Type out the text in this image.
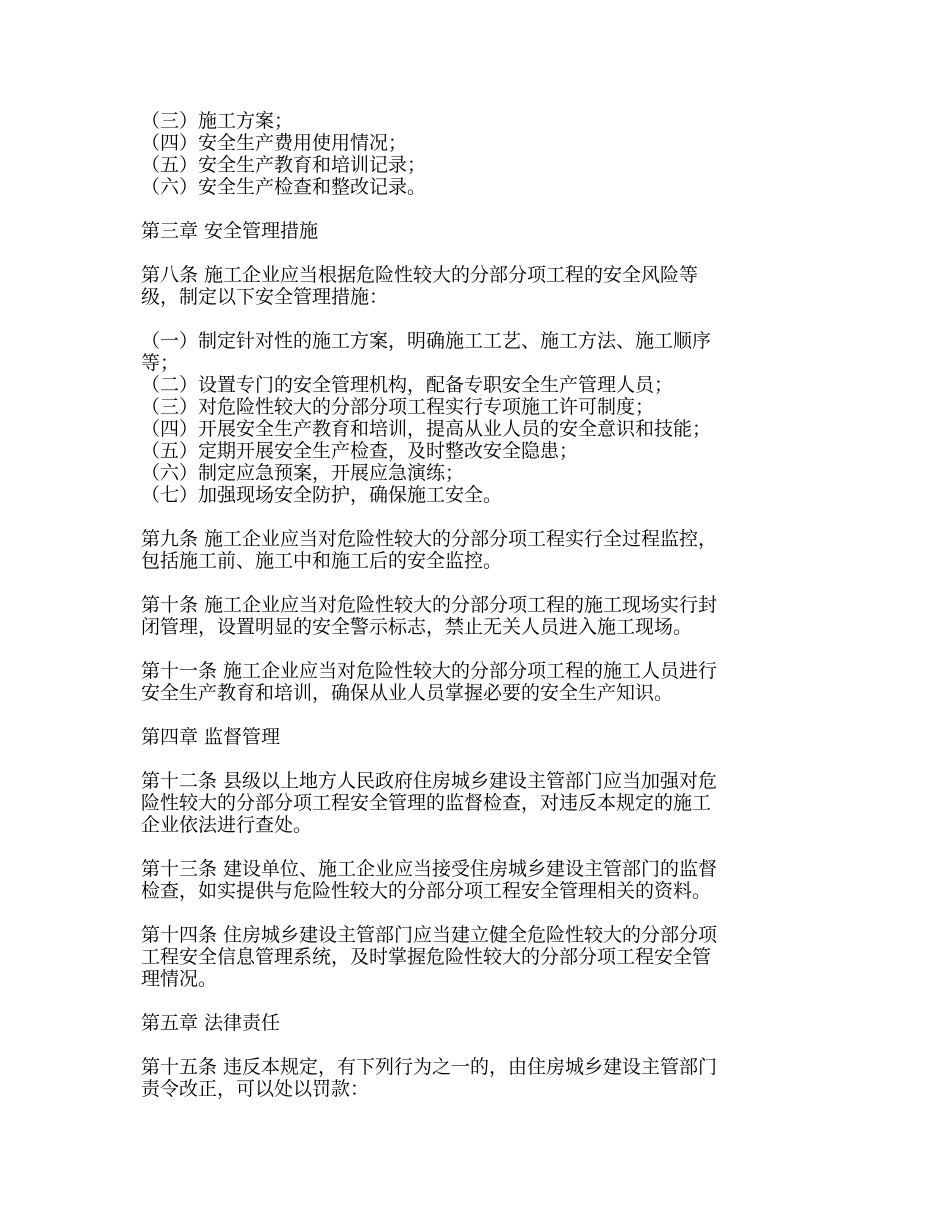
（三）施工方案；
（四）安全生产费用使用情况；
（五）安全生产教育和培训记录；
（六）安全生产检查和整改记录。
第三章 安全管理措施
第八条 施工企业应当根据危险性较大的分部分项工程的安全风险等
级，制定以下安全管理措施：
（一）制定针对性的施工方案，明确施工工艺、施工方法、施工顺序
等；
（二）设置专门的安全管理机构，配备专职安全生产管理人员；
（三）对危险性较大的分部分项工程实行专项施工许可制度；
（四）开展安全生产教育和培训，提高从业人员的安全意识和技能；
（五）定期开展安全生产检查，及时整改安全隐患；
（六）制定应急预案，开展应急演练；
（七）加强现场安全防护，确保施工安全。
第九条 施工企业应当对危险性较大的分部分项工程实行全过程监控，
包括施工前、施工中和施工后的安全监控。
第十条 施工企业应当对危险性较大的分部分项工程的施工现场实行封
闭管理，设置明显的安全警示标志，禁止无关人员进入施工现场。
第十一条 施工企业应当对危险性较大的分部分项工程的施工人员进行
安全生产教育和培训，确保从业人员掌握必要的安全生产知识。
第四章 监督管理
第十二条 县级以上地方人民政府住房城乡建设主管部门应当加强对危
险性较大的分部分项工程安全管理的监督检查，对违反本规定的施工
企业依法进行查处。
第十三条 建设单位、施工企业应当接受住房城乡建设主管部门的监督
检查，如实提供与危险性较大的分部分项工程安全管理相关的资料。
第十四条 住房城乡建设主管部门应当建立健全危险性较大的分部分项
工程安全信息管理系统，及时掌握危险性较大的分部分项工程安全管
理情况。
第五章 法律责任
第十五条 违反本规定，有下列行为之一的，由住房城乡建设主管部门
责令改正，可以处以罚款：
